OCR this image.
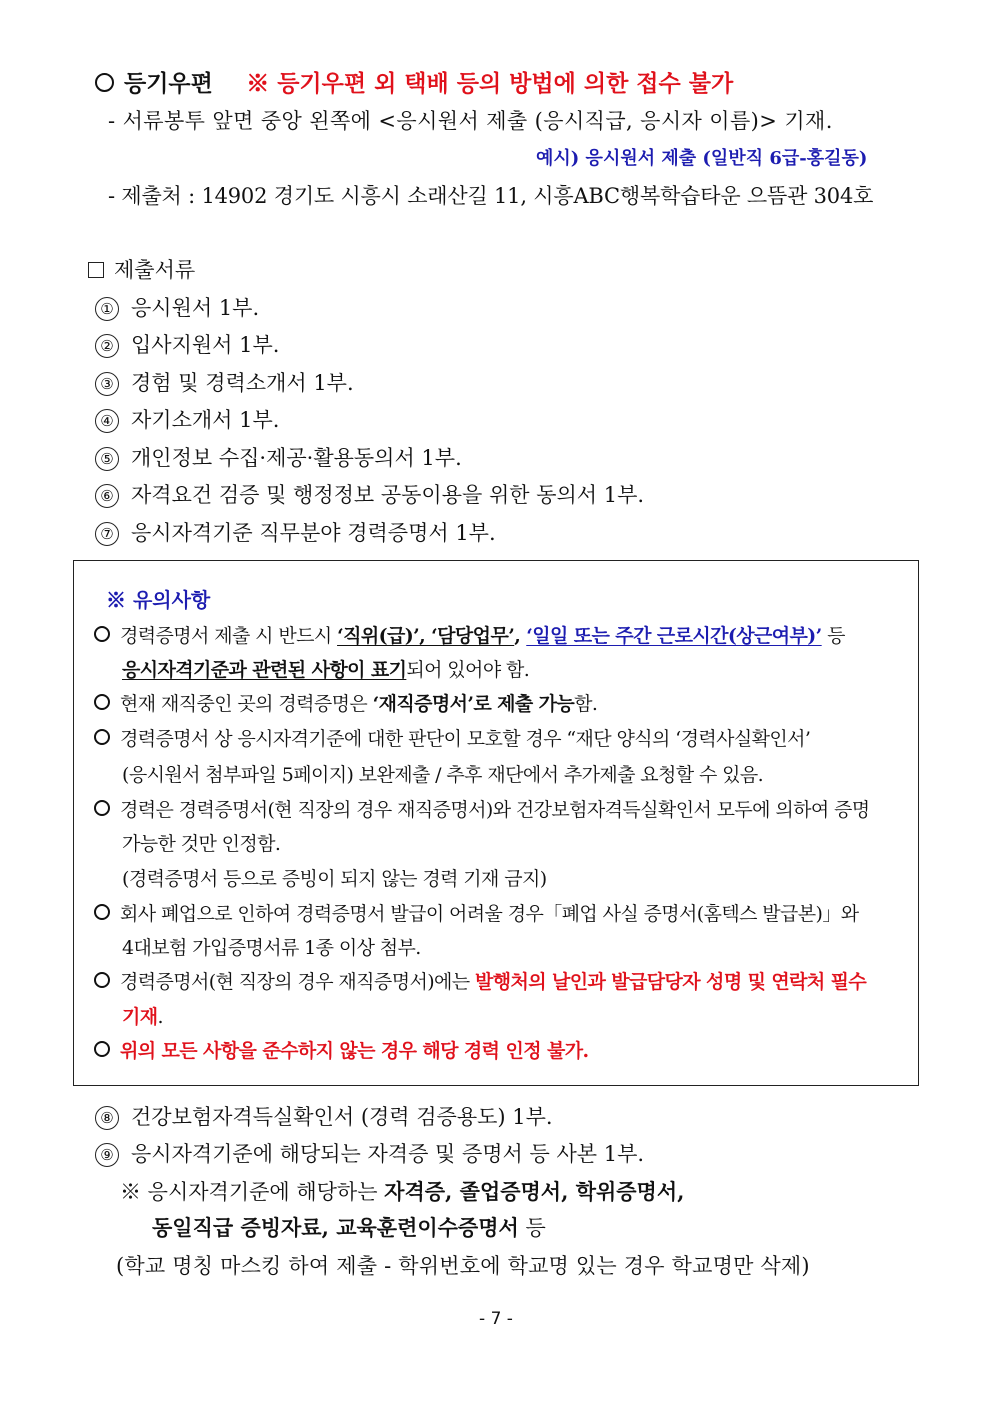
등기우편 ※ 등기우편 외 택배 등의 방법에 의한 접수 불가
- 서류봉투 앞면 중앙 왼쪽에 <응시원서 제출 (응시직급, 응시자 이름)> 기재.
예시) 응시원서 제출 (일반직 6급-홍길동)
- 제출처 : 14902 경기도 시흥시 소래산길 11, 시흥ABC행복학습타운 으뜸관 304호
제출서류
① 응시원서 1부.
② 입사지원서 1부.
③ 경험 및 경력소개서 1부.
④ 자기소개서 1부.
⑤ 개인정보 수집·제공·활용동의서 1부.
⑥ 자격요건 검증 및 행정정보 공동이용을 위한 동의서 1부.
⑦ 응시자격기준 직무분야 경력증명서 1부.
※ 유의사항
경력증명서 제출 시 반드시 ‘직위(급)’, ‘담당업무’, ‘일일 또는 주간 근로시간(상근여부)’ 등
응시자격기준과 관련된 사항이 표기되어 있어야 함.
현재 재직중인 곳의 경력증명은 ‘재직증명서’로 제출 가능함.
경력증명서 상 응시자격기준에 대한 판단이 모호할 경우 “재단 양식의 ‘경력사실확인서’
(응시원서 첨부파일 5페이지) 보완제출 / 추후 재단에서 추가제출 요청할 수 있음.
경력은 경력증명서(현 직장의 경우 재직증명서)와 건강보험자격득실확인서 모두에 의하여 증명
가능한 것만 인정함.
(경력증명서 등으로 증빙이 되지 않는 경력 기재 금지)
회사 폐업으로 인하여 경력증명서 발급이 어려울 경우「폐업 사실 증명서(홈텍스 발급본)」와
4대보험 가입증명서류 1종 이상 첨부.
경력증명서(현 직장의 경우 재직증명서)에는 발행처의 날인과 발급담당자 성명 및 연락처 필수
기재.
위의 모든 사항을 준수하지 않는 경우 해당 경력 인정 불가.
⑧ 건강보험자격득실확인서 (경력 검증용도) 1부.
⑨ 응시자격기준에 해당되는 자격증 및 증명서 등 사본 1부.
※ 응시자격기준에 해당하는 자격증, 졸업증명서, 학위증명서,
동일직급 증빙자료, 교육훈련이수증명서 등
(학교 명칭 마스킹 하여 제출 - 학위번호에 학교명 있는 경우 학교명만 삭제)
- 7 -
